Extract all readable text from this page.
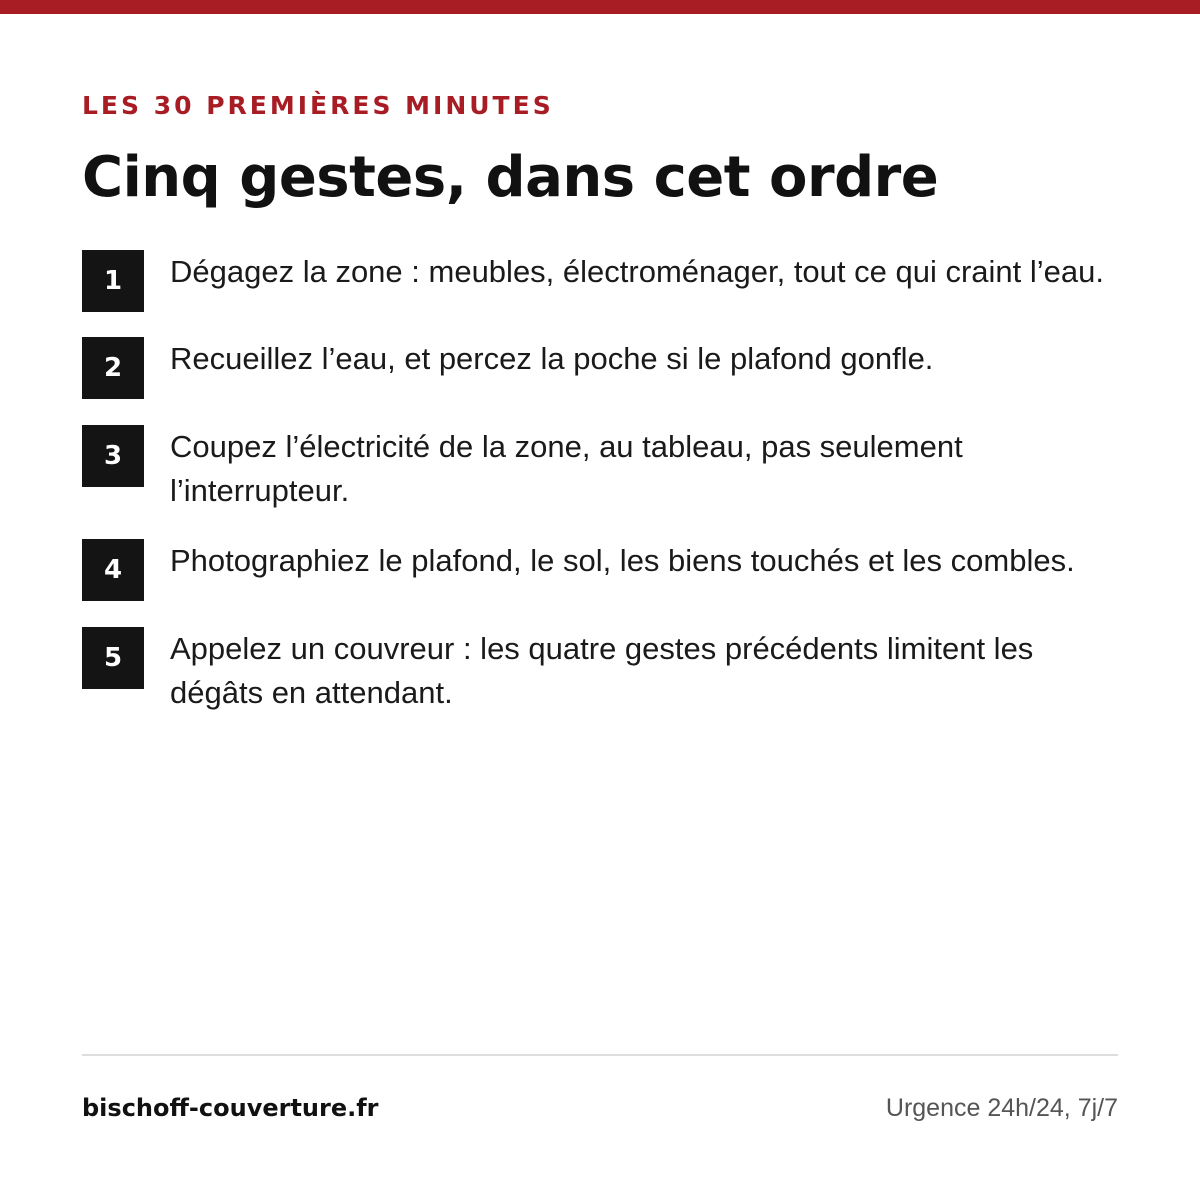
LES 30 PREMIÈRES MINUTES
Cinq gestes, dans cet ordre
1	Dégagez la zone : meubles, électroménager, tout ce qui craint l’eau.
2	Recueillez l’eau, et percez la poche si le plafond gonfle.
3	Coupez l’électricité de la zone, au tableau, pas seulement l’interrupteur.
4	Photographiez le plafond, le sol, les biens touchés et les combles.
5	Appelez un couvreur : les quatre gestes précédents limitent les dégâts en attendant.
bischoff-couverture.fr	Urgence 24h/24, 7j/7
